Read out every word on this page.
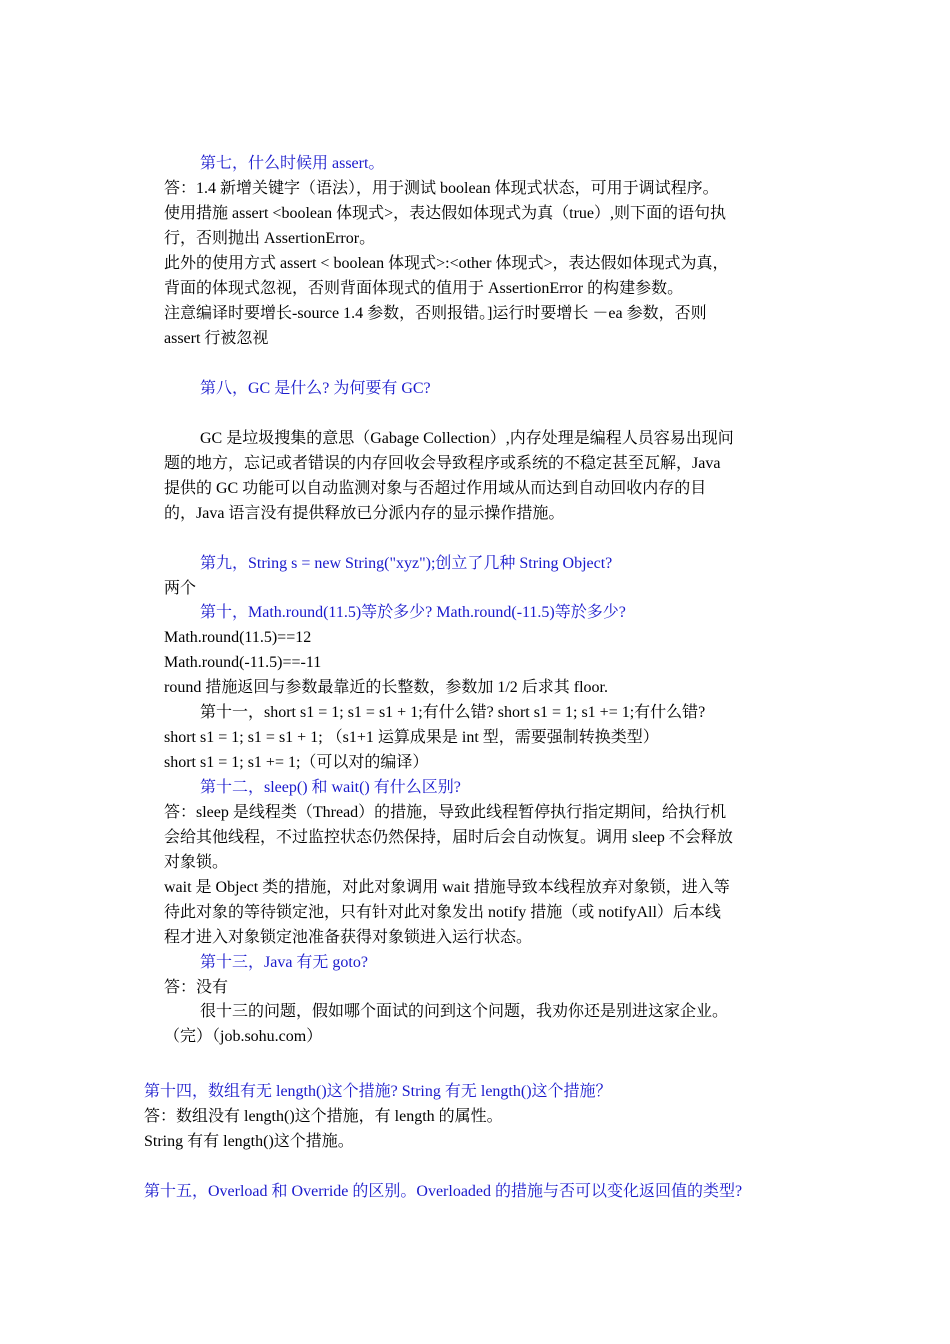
第七，什么时候用 assert。
答：1.4 新增关键字（语法），用于测试 boolean 体现式状态，可用于调试程序。
使用措施 assert <boolean 体现式>，表达假如体现式为真（true）,则下面的语句执
行，否则抛出 AssertionError。
此外的使用方式 assert < boolean 体现式>:<other 体现式>，表达假如体现式为真，
背面的体现式忽视，否则背面体现式的值用于 AssertionError 的构建参数。
注意编译时要增长-source 1.4 参数，否则报错。]运行时要增长 －ea 参数，否则
assert 行被忽视
第八，GC 是什么? 为何要有 GC?
GC 是垃圾搜集的意思（Gabage Collection）,内存处理是编程人员容易出现问
题的地方，忘记或者错误的内存回收会导致程序或系统的不稳定甚至瓦解，Java
提供的 GC 功能可以自动监测对象与否超过作用域从而达到自动回收内存的目
的，Java 语言没有提供释放已分派内存的显示操作措施。
第九，String s = new String("xyz");创立了几种 String Object?
两个
第十，Math.round(11.5)等於多少? Math.round(-11.5)等於多少?
Math.round(11.5)==12
Math.round(-11.5)==-11
round 措施返回与参数最靠近的长整数，参数加 1/2 后求其 floor.
第十一，short s1 = 1; s1 = s1 + 1;有什么错? short s1 = 1; s1 += 1;有什么错?
short s1 = 1; s1 = s1 + 1; （s1+1 运算成果是 int 型，需要强制转换类型）
short s1 = 1; s1 += 1;（可以对的编译）
第十二，sleep() 和 wait() 有什么区别?
答：sleep 是线程类（Thread）的措施，导致此线程暂停执行指定期间，给执行机
会给其他线程，不过监控状态仍然保持，届时后会自动恢复。调用 sleep 不会释放
对象锁。
wait 是 Object 类的措施，对此对象调用 wait 措施导致本线程放弃对象锁，进入等
待此对象的等待锁定池，只有针对此对象发出 notify 措施（或 notifyAll）后本线
程才进入对象锁定池准备获得对象锁进入运行状态。
第十三，Java 有无 goto?
答：没有
很十三的问题，假如哪个面试的问到这个问题，我劝你还是别进这家企业。
（完）（job.sohu.com）
第十四，数组有无 length()这个措施? String 有无 length()这个措施？
答：数组没有 length()这个措施，有 length 的属性。
String 有有 length()这个措施。
第十五，Overload 和 Override 的区别。Overloaded 的措施与否可以变化返回值的类型?
